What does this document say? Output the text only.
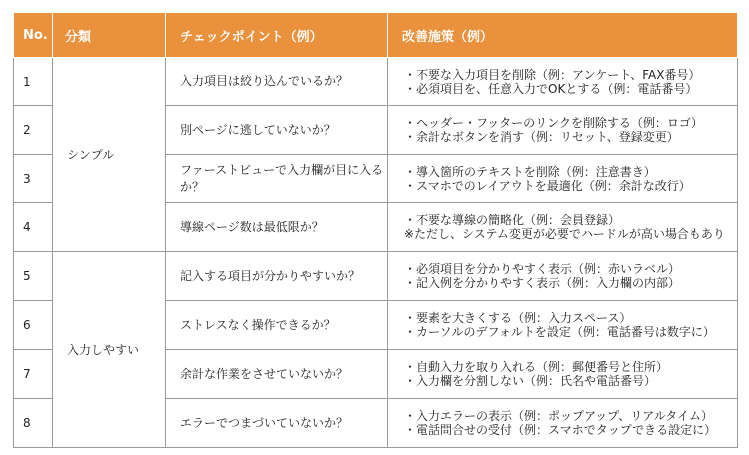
No.	分類	チェックポイント（例）	改善施策（例）
1	シンプル	入力項目は絞り込んでいるか？	・不要な入力項目を削除（例：アンケート、FAX番号）
・必須項目を、任意入力でOKとする（例：電話番号）

2		別ページに逃していないか？	・ヘッダー・フッターのリンクを削除する（例：ロゴ）
・余計なボタンを消す（例：リセット、登録変更）

3		ファーストビューで入力欄が目に入るか？	・導入箇所のテキストを削除（例：注意書き）
・スマホでのレイアウトを最適化（例：余計な改行）

4		導線ページ数は最低限か？	・不要な導線の簡略化（例：会員登録）
※ただし、システム変更が必要でハードルが高い場合もあり

5	入力しやすい	記入する項目が分かりやすいか？	・必須項目を分かりやすく表示（例：赤いラベル）
・記入例を分かりやすく表示（例：入力欄の内部）

6		ストレスなく操作できるか？	・要素を大きくする（例：入力スペース）
・カーソルのデフォルトを設定（例：電話番号は数字に）

7		余計な作業をさせていないか？	・自動入力を取り入れる（例：郵便番号と住所）
・入力欄を分割しない（例：氏名や電話番号）

8		エラーでつまづいていないか？	・入力エラーの表示（例：ポップアップ、リアルタイム）
・電話問合せの受付（例：スマホでタップできる設定に）
